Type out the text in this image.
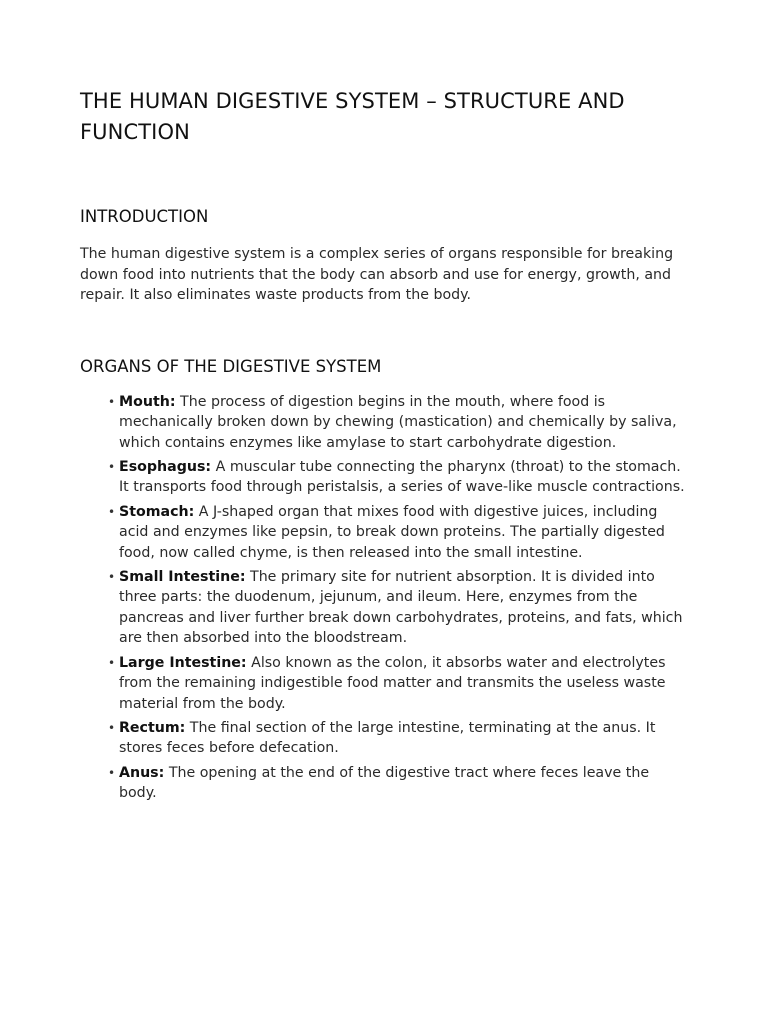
THE HUMAN DIGESTIVE SYSTEM – STRUCTURE AND FUNCTION
INTRODUCTION

The human digestive system is a complex series of organs responsible for breaking down food into nutrients that the body can absorb and use for energy, growth, and repair. It also eliminates waste products from the body.

ORGANS OF THE DIGESTIVE SYSTEM
• Mouth: The process of digestion begins in the mouth, where food is mechanically broken down by chewing (mastication) and chemically by saliva, which contains enzymes like amylase to start carbohydrate digestion.
• Esophagus: A muscular tube connecting the pharynx (throat) to the stomach. It transports food through peristalsis, a series of wave-like muscle contractions.
• Stomach: A J-shaped organ that mixes food with digestive juices, including acid and enzymes like pepsin, to break down proteins. The partially digested food, now called chyme, is then released into the small intestine.
• Small Intestine: The primary site for nutrient absorption. It is divided into three parts: the duodenum, jejunum, and ileum. Here, enzymes from the pancreas and liver further break down carbohydrates, proteins, and fats, which are then absorbed into the bloodstream.
• Large Intestine: Also known as the colon, it absorbs water and electrolytes from the remaining indigestible food matter and transmits the useless waste material from the body.
• Rectum: The final section of the large intestine, terminating at the anus. It stores feces before defecation.
• Anus: The opening at the end of the digestive tract where feces leave the body.
